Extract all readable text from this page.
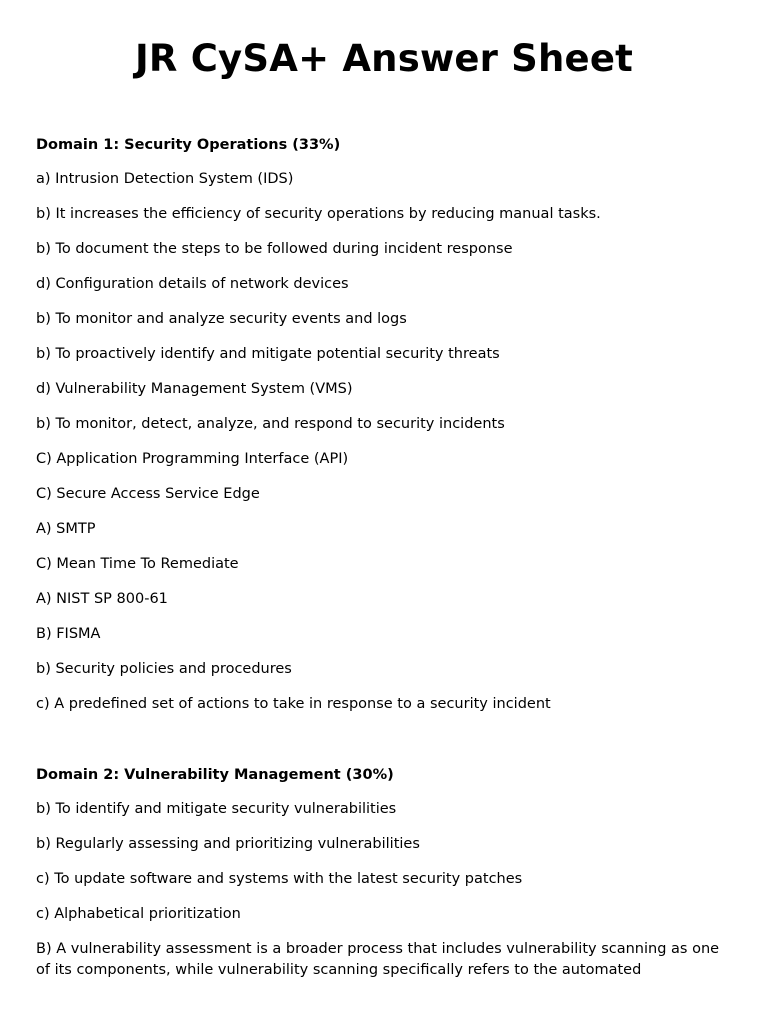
JR CySA+ Answer Sheet

Domain 1: Security Operations (33%)

a) Intrusion Detection System (IDS)

b) It increases the efficiency of security operations by reducing manual tasks.

b) To document the steps to be followed during incident response

d) Configuration details of network devices

b) To monitor and analyze security events and logs

b) To proactively identify and mitigate potential security threats

d) Vulnerability Management System (VMS)

b) To monitor, detect, analyze, and respond to security incidents

C) Application Programming Interface (API)

C) Secure Access Service Edge

A) SMTP

C) Mean Time To Remediate

A) NIST SP 800-61

B) FISMA

b) Security policies and procedures

c) A predefined set of actions to take in response to a security incident

Domain 2: Vulnerability Management (30%)

b) To identify and mitigate security vulnerabilities

b) Regularly assessing and prioritizing vulnerabilities

c) To update software and systems with the latest security patches

c) Alphabetical prioritization

B) A vulnerability assessment is a broader process that includes vulnerability scanning as one of its components, while vulnerability scanning specifically refers to the automated
